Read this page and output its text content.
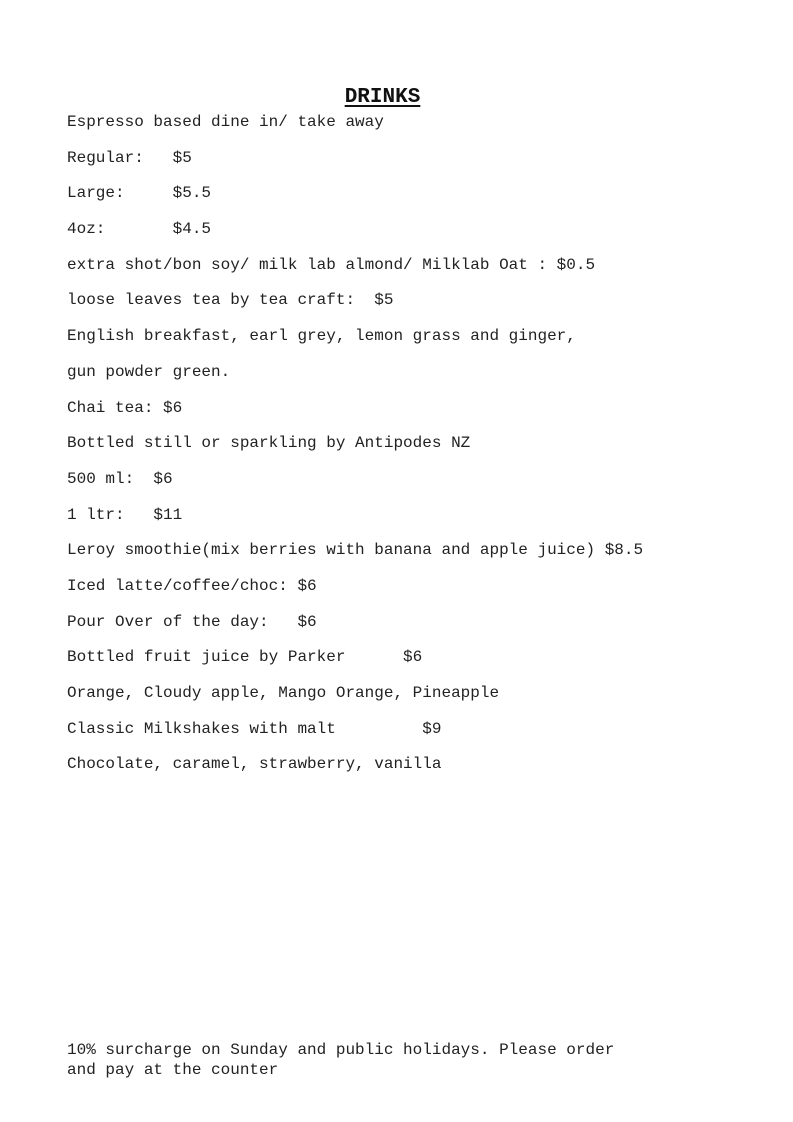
DRINKS
Espresso based dine in/ take away
Regular:   $5
Large:     $5.5
4oz:       $4.5
extra shot/bon soy/ milk lab almond/ Milklab Oat : $0.5
loose leaves tea by tea craft:  $5
English breakfast, earl grey, lemon grass and ginger,
gun powder green.
Chai tea: $6
Bottled still or sparkling by Antipodes NZ
500 ml:  $6
1 ltr:   $11
Leroy smoothie(mix berries with banana and apple juice) $8.5
Iced latte/coffee/choc: $6
Pour Over of the day:   $6
Bottled fruit juice by Parker      $6
Orange, Cloudy apple, Mango Orange, Pineapple
Classic Milkshakes with malt         $9
Chocolate, caramel, strawberry, vanilla
10% surcharge on Sunday and public holidays. Please order
and pay at the counter
